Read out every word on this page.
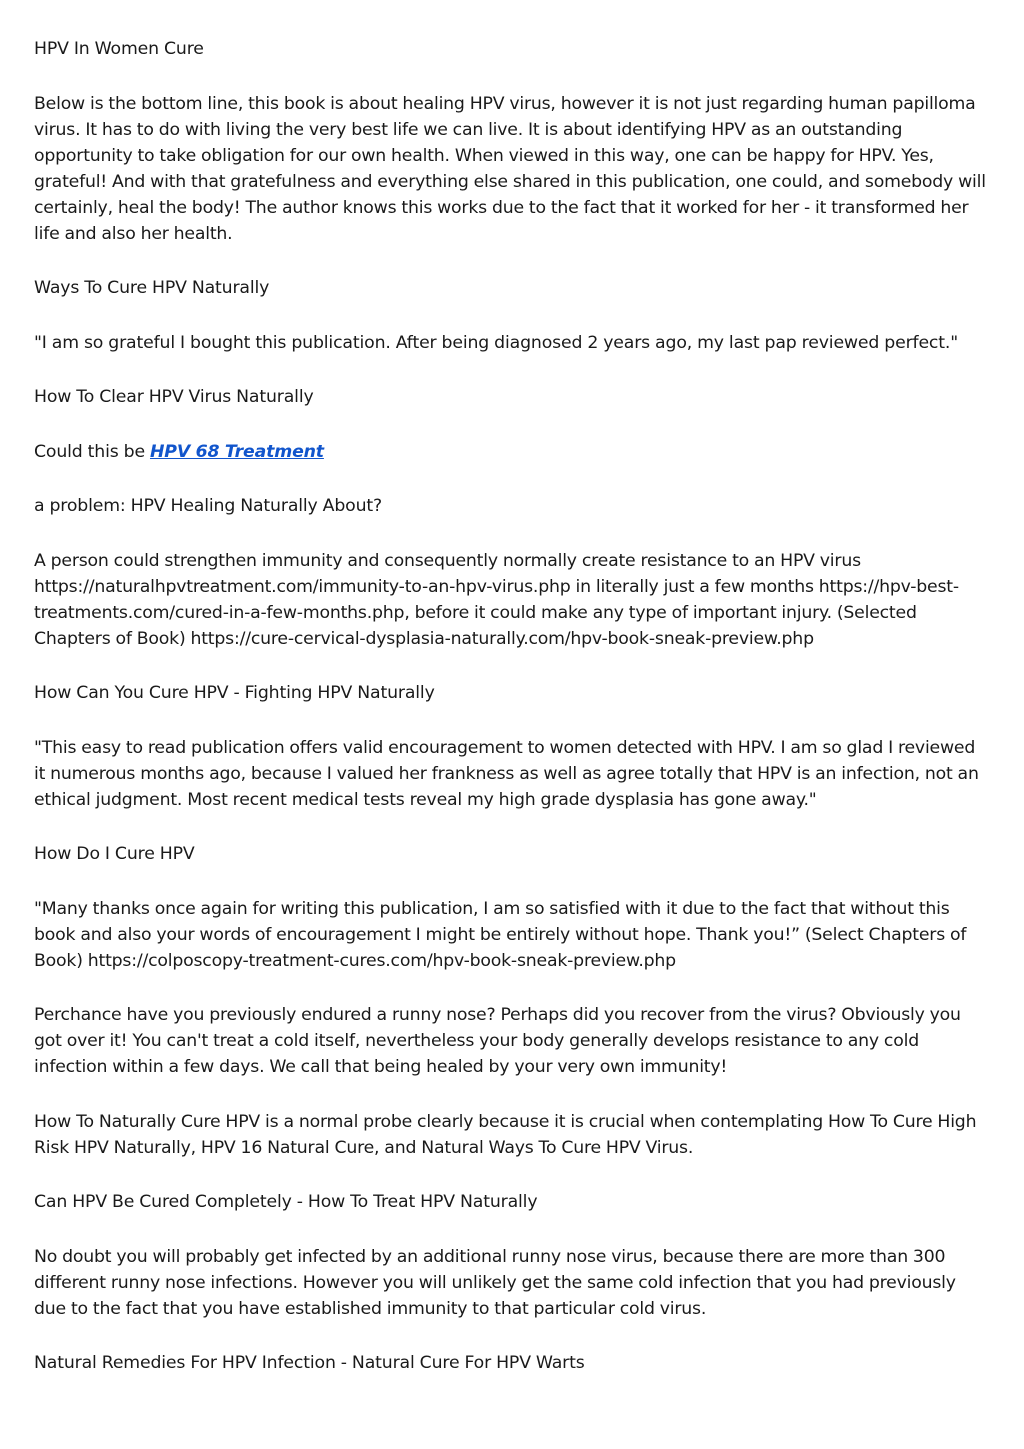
HPV In Women Cure

Below is the bottom line, this book is about healing HPV virus, however it is not just regarding human papilloma virus. It has to do with living the very best life we can live. It is about identifying HPV as an outstanding opportunity to take obligation for our own health. When viewed in this way, one can be happy for HPV. Yes, grateful! And with that gratefulness and everything else shared in this publication, one could, and somebody will certainly, heal the body! The author knows this works due to the fact that it worked for her - it transformed her life and also her health.

Ways To Cure HPV Naturally

"I am so grateful I bought this publication. After being diagnosed 2 years ago, my last pap reviewed perfect."

How To Clear HPV Virus Naturally

Could this be HPV 68 Treatment

a problem: HPV Healing Naturally About?

A person could strengthen immunity and consequently normally create resistance to an HPV virus https://naturalhpvtreatment.com/immunity-to-an-hpv-virus.php in literally just a few months https://hpv-best-treatments.com/cured-in-a-few-months.php, before it could make any type of important injury. (Selected Chapters of Book) https://cure-cervical-dysplasia-naturally.com/hpv-book-sneak-preview.php

How Can You Cure HPV - Fighting HPV Naturally

"This easy to read publication offers valid encouragement to women detected with HPV. I am so glad I reviewed it numerous months ago, because I valued her frankness as well as agree totally that HPV is an infection, not an ethical judgment. Most recent medical tests reveal my high grade dysplasia has gone away."

How Do I Cure HPV

"Many thanks once again for writing this publication, I am so satisfied with it due to the fact that without this book and also your words of encouragement I might be entirely without hope. Thank you!” (Select Chapters of Book) https://colposcopy-treatment-cures.com/hpv-book-sneak-preview.php

Perchance have you previously endured a runny nose? Perhaps did you recover from the virus? Obviously you got over it! You can't treat a cold itself, nevertheless your body generally develops resistance to any cold infection within a few days. We call that being healed by your very own immunity!

How To Naturally Cure HPV is a normal probe clearly because it is crucial when contemplating How To Cure High Risk HPV Naturally, HPV 16 Natural Cure, and Natural Ways To Cure HPV Virus.

Can HPV Be Cured Completely - How To Treat HPV Naturally

No doubt you will probably get infected by an additional runny nose virus, because there are more than 300 different runny nose infections. However you will unlikely get the same cold infection that you had previously due to the fact that you have established immunity to that particular cold virus.

Natural Remedies For HPV Infection - Natural Cure For HPV Warts
